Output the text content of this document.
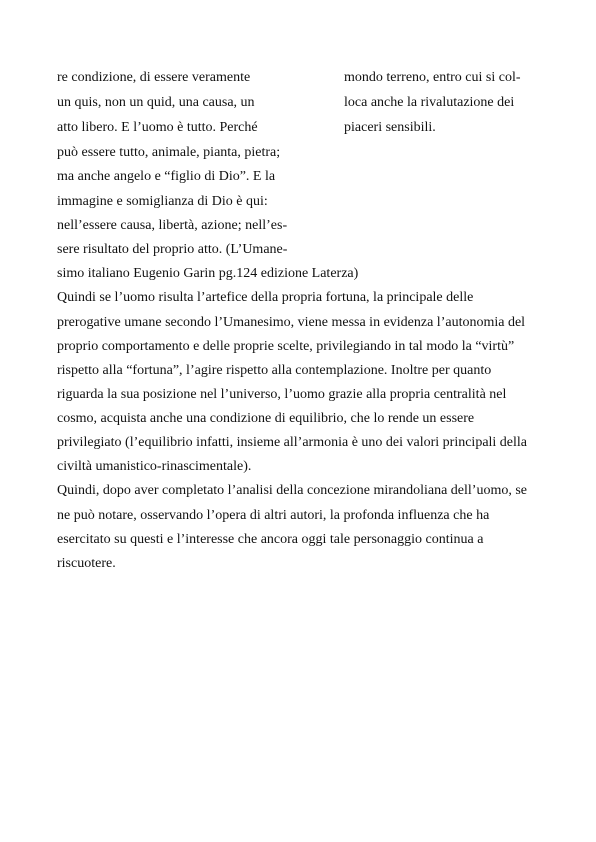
re condizione, di essere veramente
un quis, non un quid, una causa, un
atto libero. E l’uomo è tutto. Perché
può essere tutto, animale, pianta, pietra;
ma anche angelo e “figlio di Dio”. E la
immagine e somiglianza di Dio è qui:
nell’essere causa, libertà, azione; nell’es-
sere risultato del proprio atto. (L’Umane-
simo italiano Eugenio Garin pg.124 edizione Laterza)
mondo terreno, entro cui si col-
loca anche la rivalutazione dei
piaceri sensibili.
Quindi se l’uomo risulta l’artefice della propria fortuna, la principale delle
prerogative umane secondo l’Umanesimo, viene messa in evidenza l’autonomia del
proprio comportamento e delle proprie scelte, privilegiando in tal modo la “virtù”
rispetto alla “fortuna”, l’agire rispetto alla contemplazione. Inoltre per quanto
riguarda la sua posizione nel l’universo, l’uomo grazie alla propria centralità nel
cosmo, acquista anche una condizione di equilibrio, che lo rende un essere
privilegiato (l’equilibrio infatti, insieme all’armonia è uno dei valori principali della
civiltà umanistico-rinascimentale).
Quindi, dopo aver completato l’analisi della concezione mirandoliana dell’uomo, se
ne può notare, osservando l’opera di altri autori, la profonda influenza che ha
esercitato su questi e l’interesse che ancora oggi tale personaggio continua a
riscuotere.
